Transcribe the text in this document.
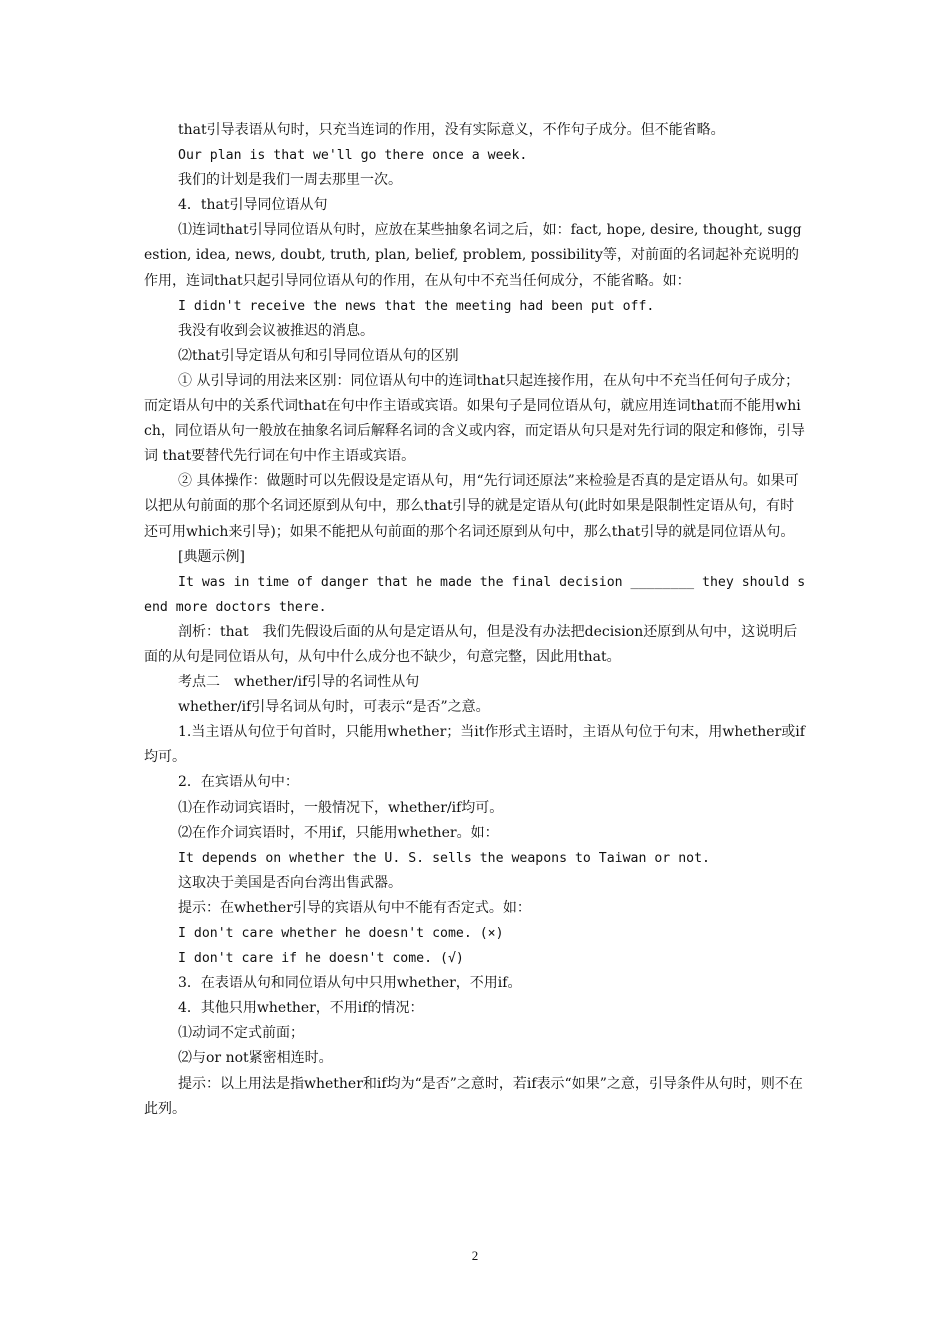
that引导表语从句时，只充当连词的作用，没有实际意义，不作句子成分。但不能省略。

Our plan is that we'll go there once a week.

我们的计划是我们一周去那里一次。

4．that引导同位语从句

⑴连词that引导同位语从句时，应放在某些抽象名词之后，如：fact, hope, desire, thought, suggestion, idea, news, doubt, truth, plan, belief, problem, possibility等，对前面的名词起补充说明的作用，连词that只起引导同位语从句的作用，在从句中不充当任何成分，不能省略。如：

I didn't receive the news that the meeting had been put off.

我没有收到会议被推迟的消息。

⑵that引导定语从句和引导同位语从句的区别

① 从引导词的用法来区别：同位语从句中的连词that只起连接作用，在从句中不充当任何句子成分；而定语从句中的关系代词that在句中作主语或宾语。如果句子是同位语从句，就应用连词that而不能用which，同位语从句一般放在抽象名词后解释名词的含义或内容，而定语从句只是对先行词的限定和修饰，引导词 that要替代先行词在句中作主语或宾语。

② 具体操作：做题时可以先假设是定语从句，用“先行词还原法”来检验是否真的是定语从句。如果可以把从句前面的那个名词还原到从句中，那么that引导的就是定语从句(此时如果是限制性定语从句，有时还可用which来引导)；如果不能把从句前面的那个名词还原到从句中，那么that引导的就是同位语从句。

[典题示例]

It was in time of danger that he made the final decision ________ they should send more doctors there.

剖析：that　我们先假设后面的从句是定语从句，但是没有办法把decision还原到从句中，这说明后面的从句是同位语从句，从句中什么成分也不缺少，句意完整，因此用that。

考点二　whether/if引导的名词性从句

whether/if引导名词从句时，可表示“是否”之意。

1.当主语从句位于句首时，只能用whether；当it作形式主语时，主语从句位于句末，用whether或if均可。

2．在宾语从句中：

⑴在作动词宾语时，一般情况下，whether/if均可。

⑵在作介词宾语时，不用if，只能用whether。如：

It depends on whether the U. S. sells the weapons to Taiwan or not.

这取决于美国是否向台湾出售武器。

提示：在whether引导的宾语从句中不能有否定式。如：

I don't care whether he doesn't come. (×)

I don't care if he doesn't come. (√)

3．在表语从句和同位语从句中只用whether，不用if。

4．其他只用whether，不用if的情况：

⑴动词不定式前面；

⑵与or not紧密相连时。

提示：以上用法是指whether和if均为“是否”之意时，若if表示“如果”之意，引导条件从句时，则不在此列。

2
